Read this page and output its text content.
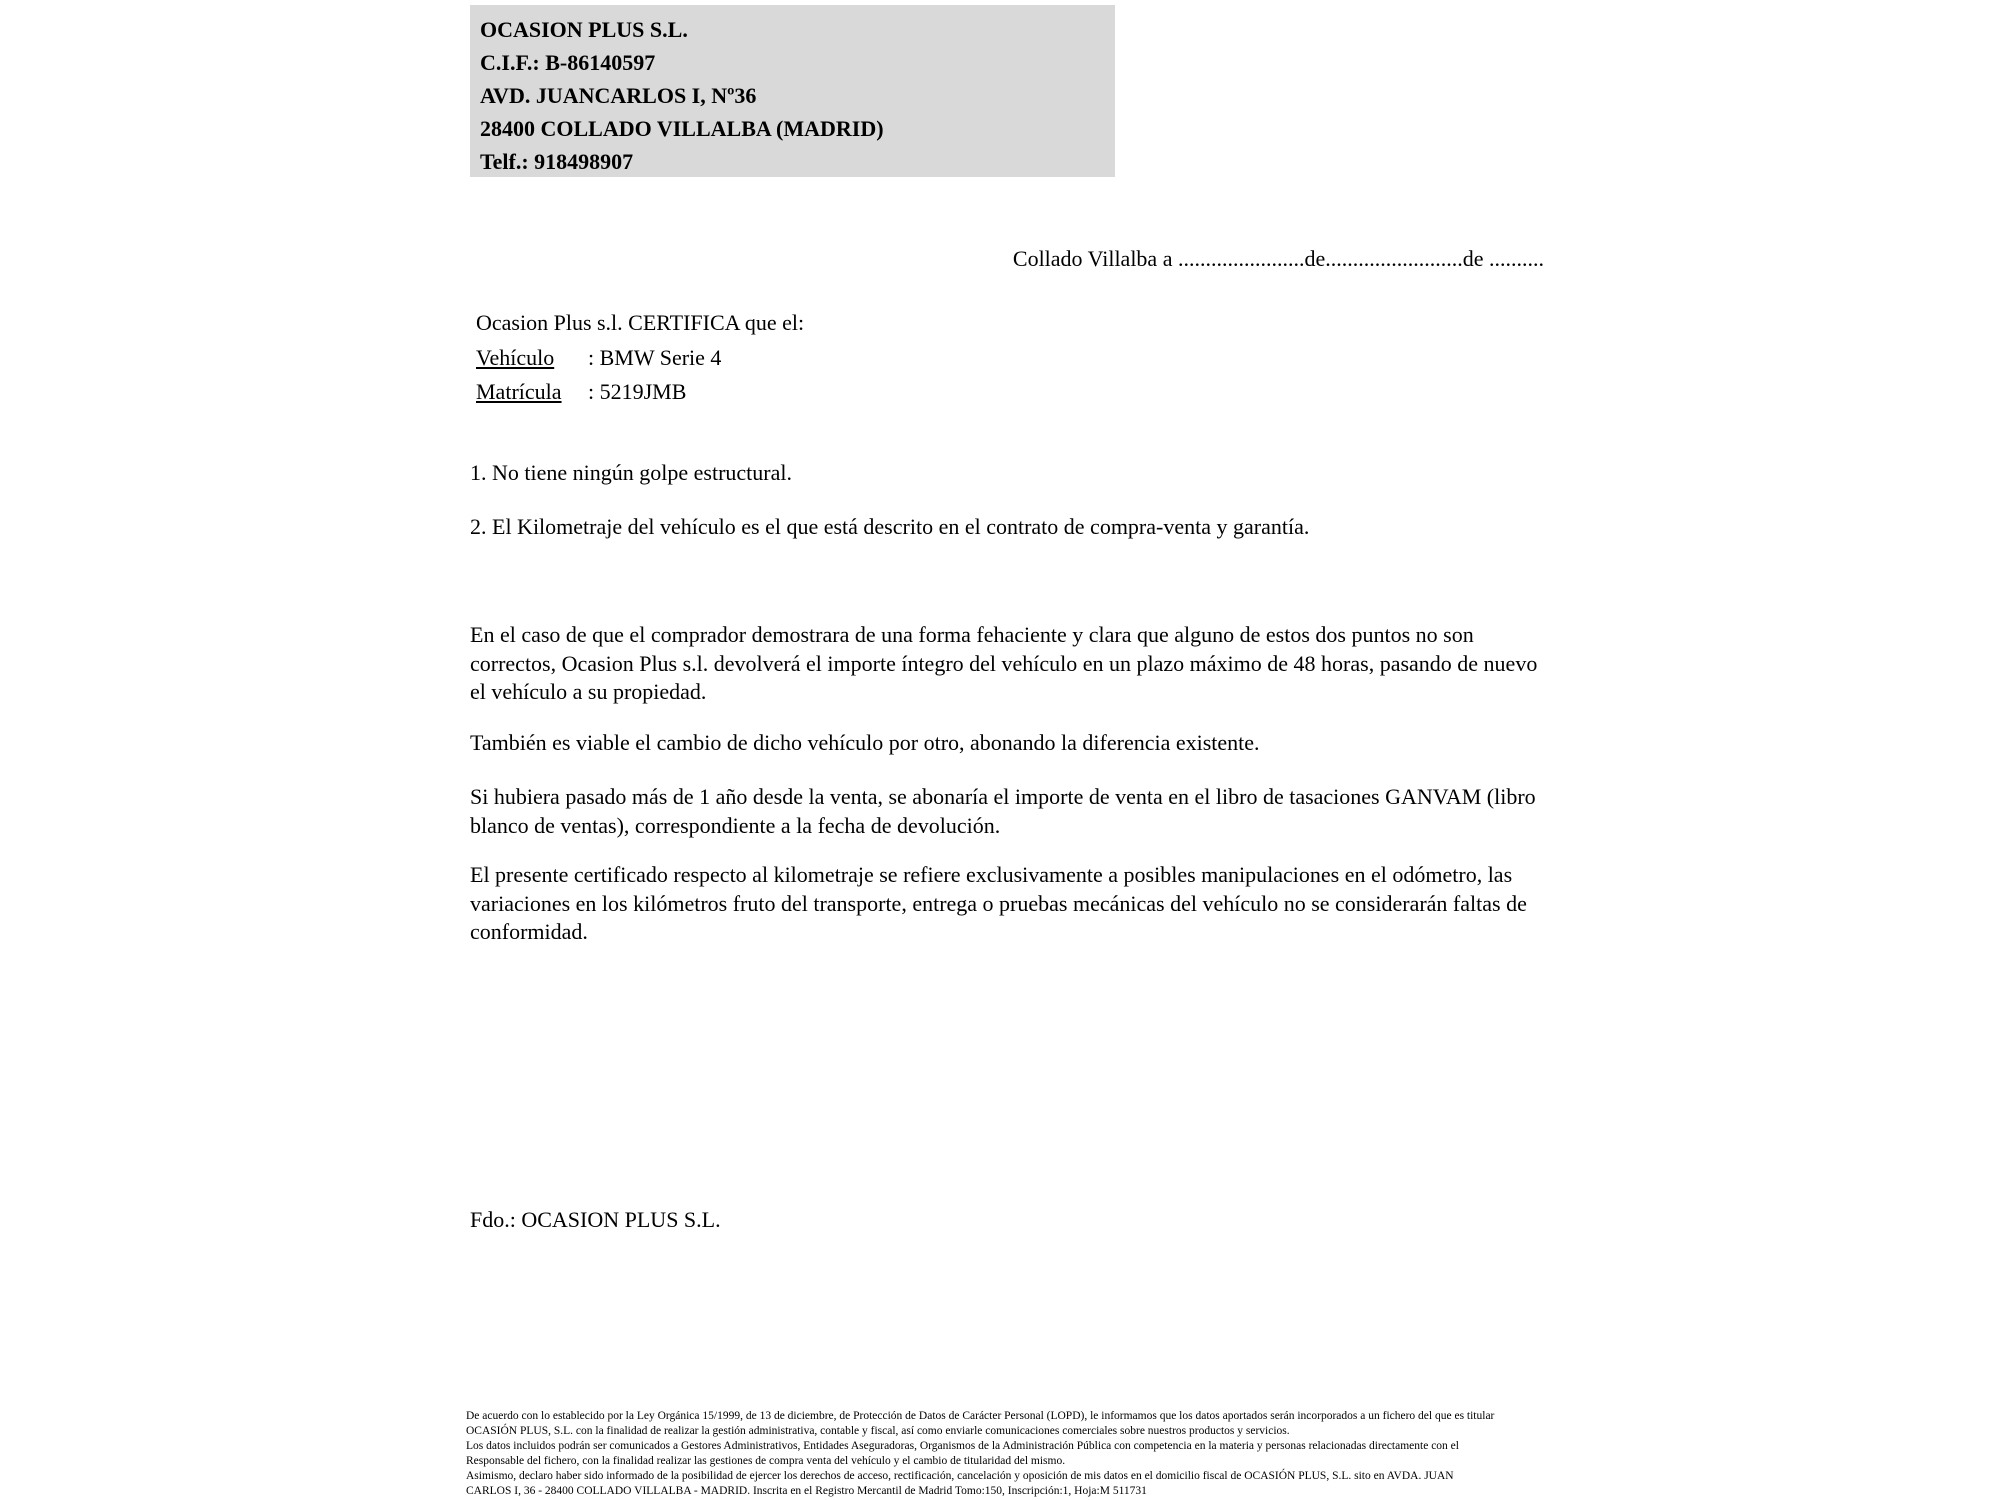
OCASION PLUS S.L.
C.I.F.: B-86140597
AVD. JUANCARLOS I, Nº36
28400 COLLADO VILLALBA (MADRID)
Telf.: 918498907
Collado Villalba a .......................de.........................de ..........
Ocasion Plus s.l. CERTIFICA que el:
Vehículo : BMW Serie 4
Matrícula : 5219JMB
1. No tiene ningún golpe estructural.
2. El Kilometraje del vehículo es el que está descrito en el contrato de compra-venta y garantía.
En el caso de que el comprador demostrara de una forma fehaciente y clara que alguno de estos dos puntos no son correctos, Ocasion Plus s.l. devolverá el importe íntegro del vehículo en un plazo máximo de 48 horas, pasando de nuevo el vehículo a su propiedad.
También es viable el cambio de dicho vehículo por otro, abonando la diferencia existente.
Si hubiera pasado más de 1 año desde la venta, se abonaría el importe de venta en el libro de tasaciones GANVAM (libro blanco de ventas), correspondiente a la fecha de devolución.
El presente certificado respecto al kilometraje se refiere exclusivamente a posibles manipulaciones en el odómetro, las variaciones en los kilómetros fruto del transporte, entrega o pruebas mecánicas del vehículo no se considerarán faltas de conformidad.
Fdo.: OCASION PLUS S.L.
De acuerdo con lo establecido por la Ley Orgánica 15/1999, de 13 de diciembre, de Protección de Datos de Carácter Personal (LOPD), le informamos que los datos aportados serán incorporados a un fichero del que es titular
OCASIÓN PLUS, S.L. con la finalidad de realizar la gestión administrativa, contable y fiscal, así como enviarle comunicaciones comerciales sobre nuestros productos y servicios.
Los datos incluidos podrán ser comunicados a Gestores Administrativos, Entidades Aseguradoras, Organismos de la Administración Pública con competencia en la materia y personas relacionadas directamente con el
Responsable del fichero, con la finalidad realizar las gestiones de compra venta del vehículo y el cambio de titularidad del mismo.
Asimismo, declaro haber sido informado de la posibilidad de ejercer los derechos de acceso, rectificación, cancelación y oposición de mis datos en el domicilio fiscal de OCASIÓN PLUS, S.L. sito en AVDA. JUAN
CARLOS I, 36 - 28400 COLLADO VILLALBA - MADRID. Inscrita en el Registro Mercantil de Madrid Tomo:150, Inscripción:1, Hoja:M 511731
